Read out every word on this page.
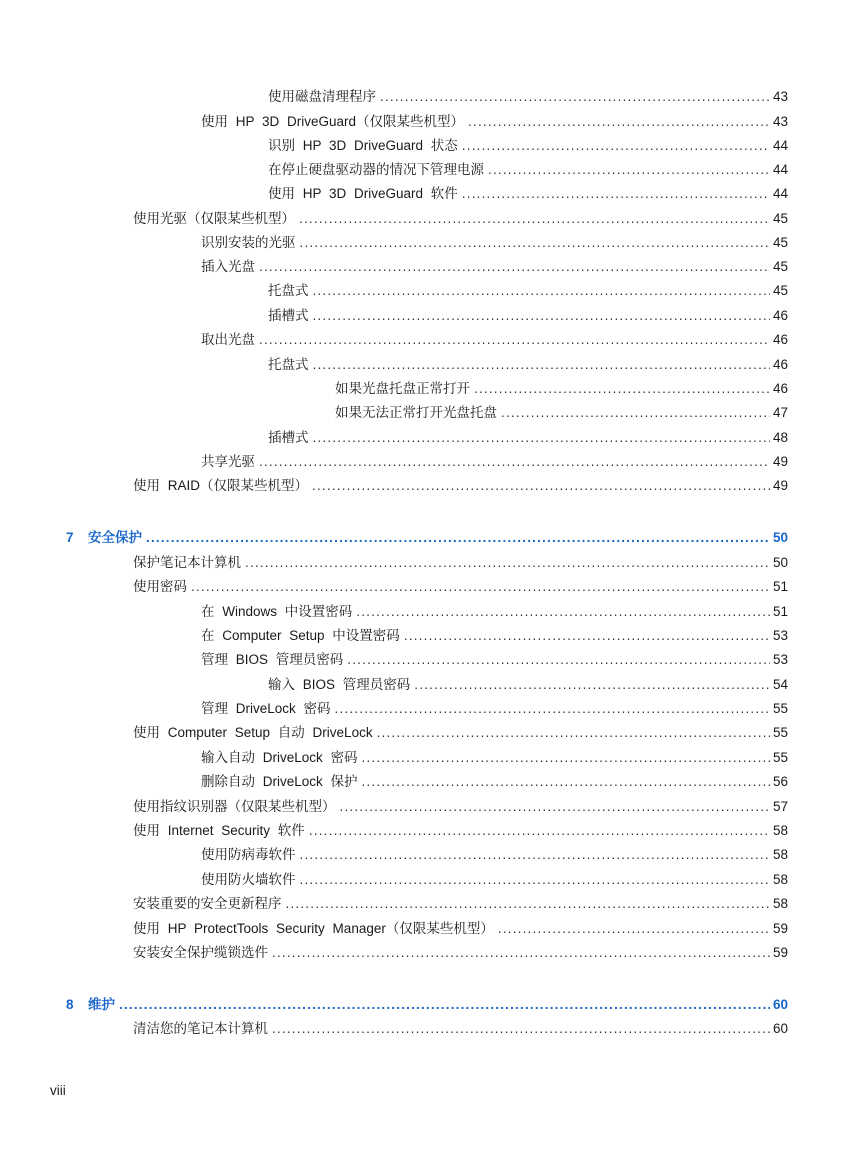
使用磁盘清理程序 .....	43
使用 HP 3D DriveGuard（仅限某些机型） .....	43
识别 HP 3D DriveGuard 状态 .....	44
在停止硬盘驱动器的情况下管理电源 .....	44
使用 HP 3D DriveGuard 软件 .....	44
使用光驱（仅限某些机型） .....	45
识别安装的光驱 .....	45
插入光盘 .....	45
托盘式 .....	45
插槽式 .....	46
取出光盘 .....	46
托盘式 .....	46
如果光盘托盘正常打开 .....	46
如果无法正常打开光盘托盘 .....	47
插槽式 .....	48
共享光驱 .....	49
使用 RAID（仅限某些机型） .....	49
7	安全保护 .....	50
保护笔记本计算机 .....	50
使用密码 .....	51
在 Windows 中设置密码 .....	51
在 Computer Setup 中设置密码 .....	53
管理 BIOS 管理员密码 .....	53
输入 BIOS 管理员密码 .....	54
管理 DriveLock 密码 .....	55
使用 Computer Setup 自动 DriveLock .....	55
输入自动 DriveLock 密码 .....	55
删除自动 DriveLock 保护 .....	56
使用指纹识别器（仅限某些机型） .....	57
使用 Internet Security 软件 .....	58
使用防病毒软件 .....	58
使用防火墙软件 .....	58
安装重要的安全更新程序 .....	58
使用 HP ProtectTools Security Manager（仅限某些机型） .....	59
安装安全保护缆锁选件 .....	59
8	维护 .....	60
清洁您的笔记本计算机 .....	60
viii
